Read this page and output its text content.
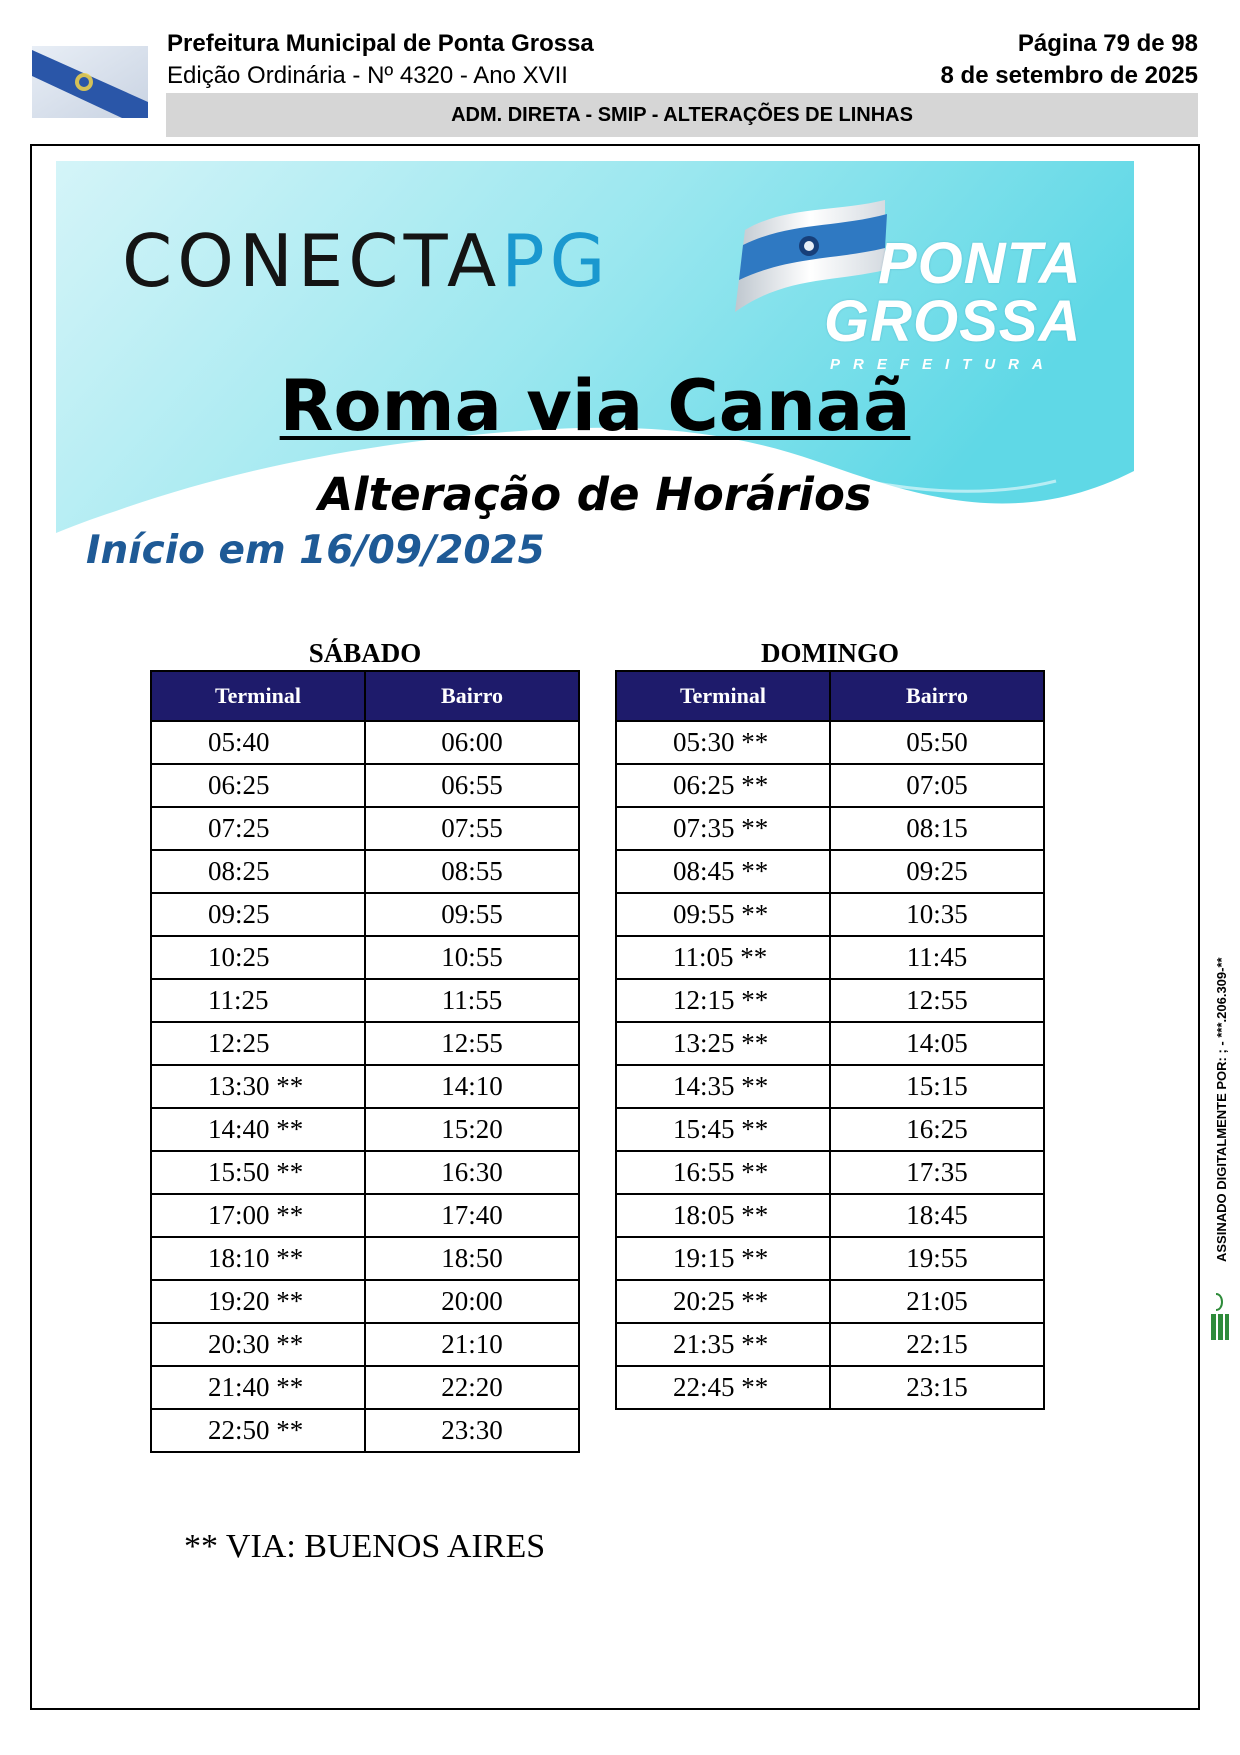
Prefeitura Municipal de Ponta Grossa
Edição Ordinária - Nº 4320 - Ano XVII
Página 79 de 98
8 de setembro de 2025
ADM. DIRETA - SMIP - ALTERAÇÕES DE LINHAS
CONECTAPG	PONTA
GROSSA
PREFEITURA
Roma via Canaã
Alteração de Horários
Início em 16/09/2025
SÁBADO
Terminal	Bairro
05:40	06:00
06:25	06:55
07:25	07:55
08:25	08:55
09:25	09:55
10:25	10:55
11:25	11:55
12:25	12:55
13:30 **	14:10
14:40 **	15:20
15:50 **	16:30
17:00 **	17:40
18:10 **	18:50
19:20 **	20:00
20:30 **	21:10
21:40 **	22:20
22:50 **	23:30
DOMINGO
Terminal	Bairro
05:30 **	05:50
06:25 **	07:05
07:35 **	08:15
08:45 **	09:25
09:55 **	10:35
11:05 **	11:45
12:15 **	12:55
13:25 **	14:05
14:35 **	15:15
15:45 **	16:25
16:55 **	17:35
18:05 **	18:45
19:15 **	19:55
20:25 **	21:05
21:35 **	22:15
22:45 **	23:15
** VIA: BUENOS AIRES
ASSINADO DIGITALMENTE POR: ; - ***.206.309-**
